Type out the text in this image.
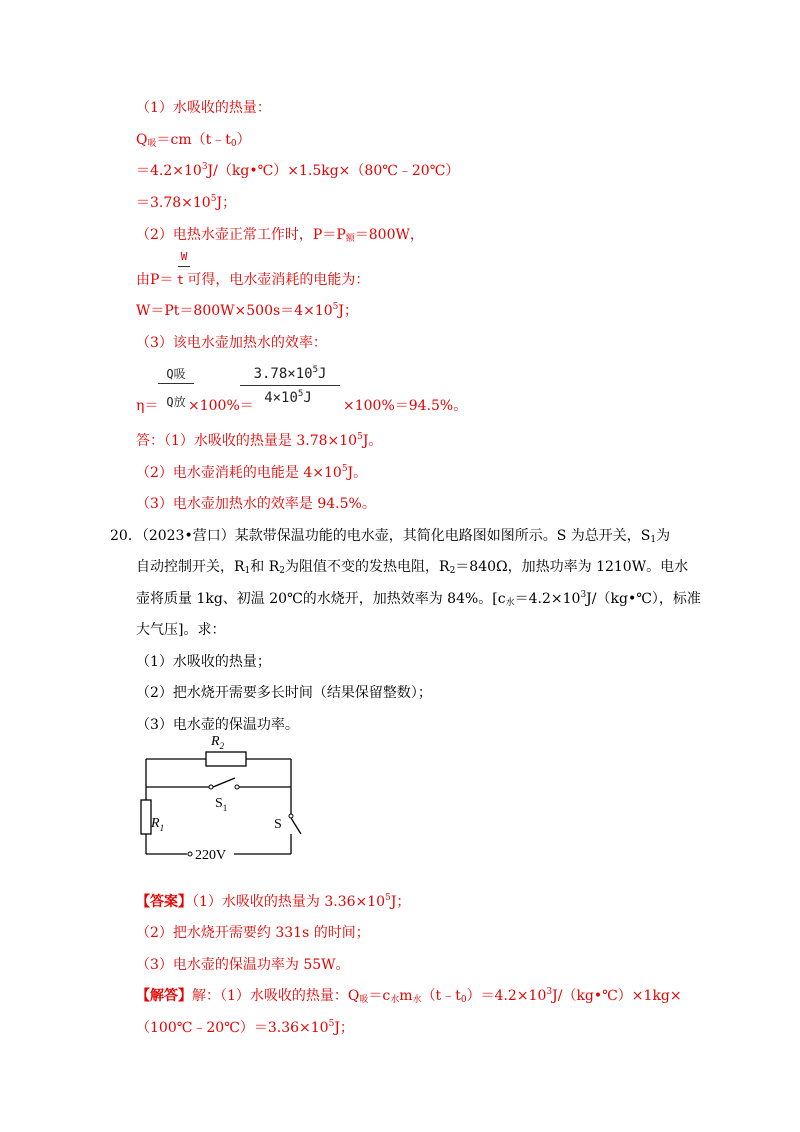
（1）水吸收的热量：
$Q_吸=cm(t﹣t_0)$
$=4.2\times 10^3J/(kg•℃)\times 1.5kg\times(80℃﹣20℃)$
$=3.78\times 10^5J$；
（2）电热水壶正常工作时，$P=P_额=800W$，
W
由P＝ t 可得，电水壶消耗的电能为：
$W=Pt=800W\times 500s=4\times 10^5J$；
（3）该电水壶加热水的效率：
Q吸
Q放
$3.78\times 10^5J$
$4\times 10^5J$
η＝ ×100%＝	×100%＝94.5%。
答：（1）水吸收的热量是 $3.78\times 10^5J$。
（2）电水壶消耗的电能是 $4\times 10^5J$。
（3）电水壶加热水的效率是 94.5%。
20．（2023•营口）某款带保温功能的电水壶，其简化电路图如图所示。S 为总开关，$S_1$为
自动控制开关，$R_1$和 $R_2$为阻值不变的发热电阻，$R_2=840\Omega$，加热功率为 1210W。电水
壶将质量 1kg、初温 20℃的水烧开，加热效率为 84%。[$c_水=4.2\times 10^3J/(kg•℃)$，标准
大气压]。求：
（1）水吸收的热量；
（2）把水烧开需要多长时间（结果保留整数）；
（3）电水壶的保温功率。
$R_2$
$R_1$
$S_1$
S
220V
【答案】（1）水吸收的热量为 $3.36\times 10^5J$；
（2）把水烧开需要约 331s 的时间；
（3）电水壶的保温功率为 55W。
【解答】解：（1）水吸收的热量：$Q_吸=c_水m_水(t﹣t_0)=4.2\times 10^3J/(kg•℃)\times 1kg\times$
$(100℃﹣20℃)=3.36\times 10^5J$；
